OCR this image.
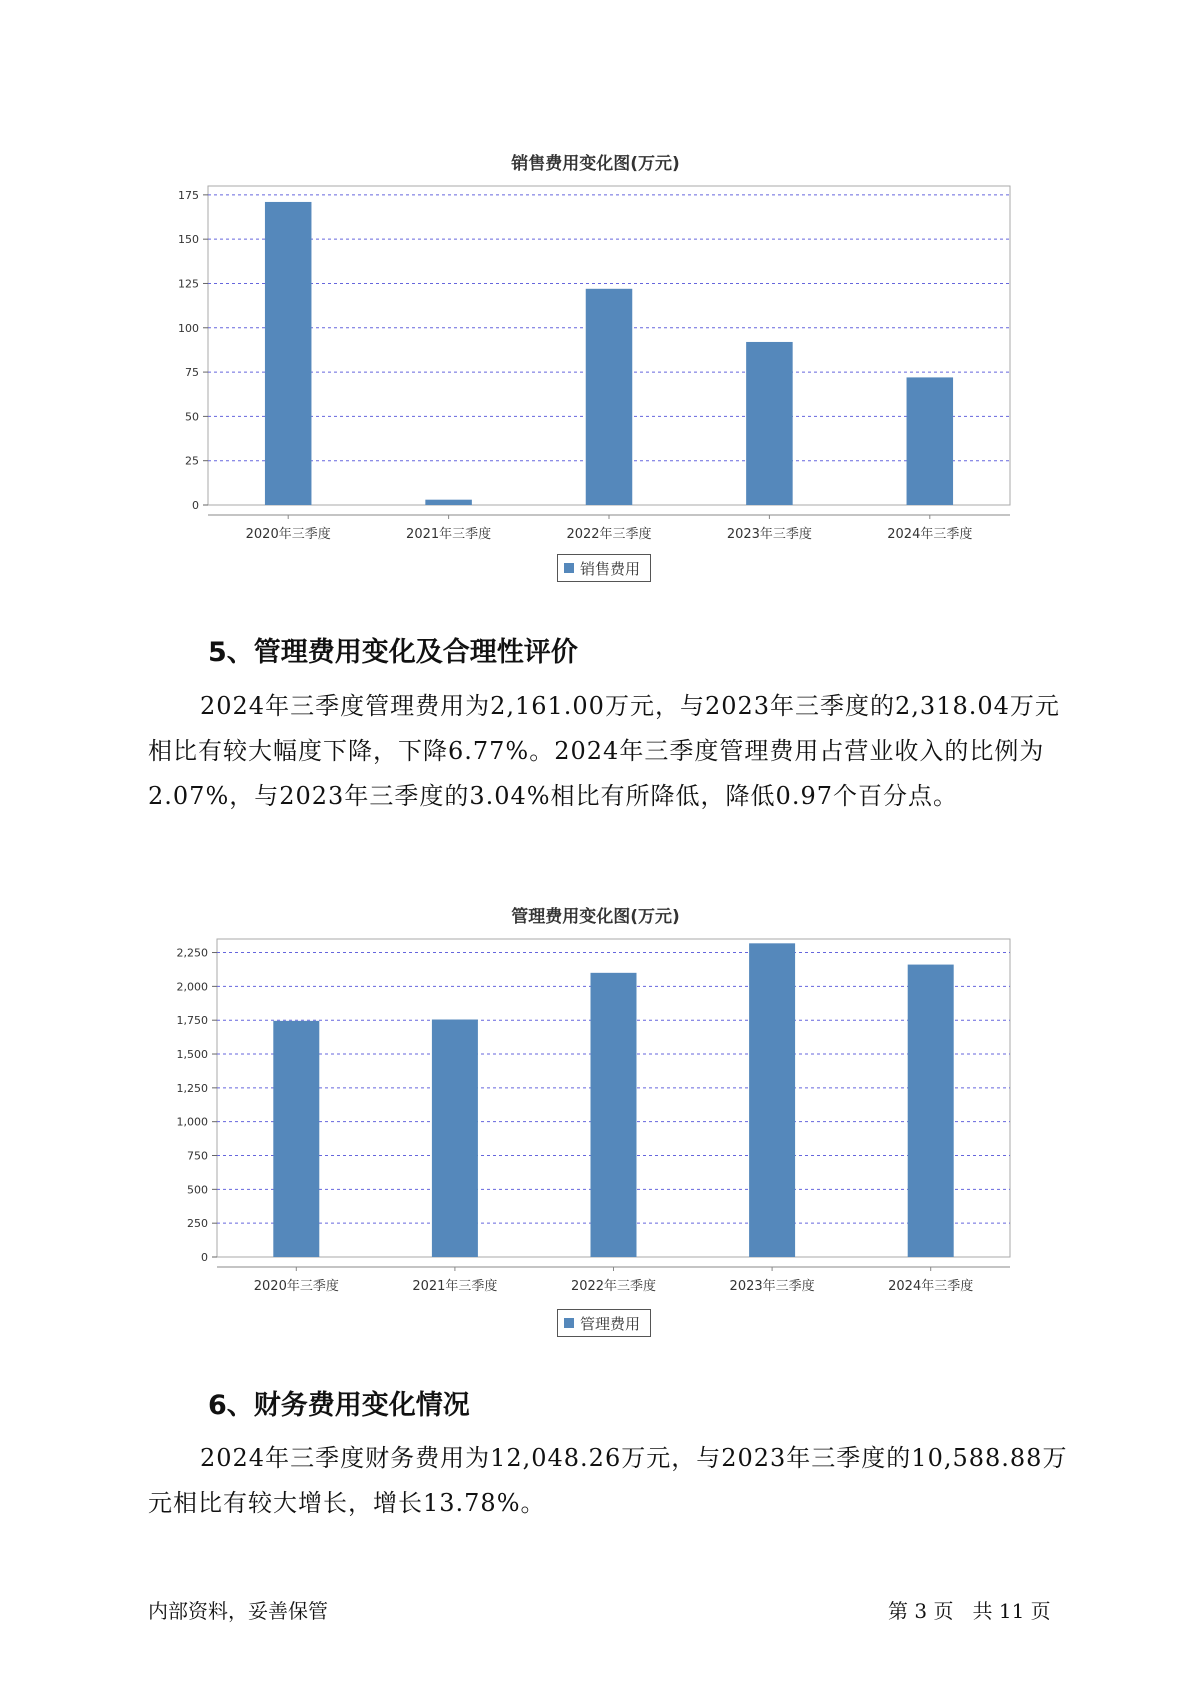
销售费用变化图(万元)
0
25
50
75
100
125
150
175
2020年三季度	2021年三季度	2022年三季度	2023年三季度	2024年三季度
销售费用
5、管理费用变化及合理性评价

2024年三季度管理费用为2,161.00万元，与2023年三季度的2,318.04万元相比有较大幅度下降，下降6.77%。2024年三季度管理费用占营业收入的比例为2.07%，与2023年三季度的3.04%相比有所降低，降低0.97个百分点。

管理费用变化图(万元)
0
250
500
750
1,000
1,250
1,500
1,750
2,000
2,250
2020年三季度	2021年三季度	2022年三季度	2023年三季度	2024年三季度
管理费用
6、财务费用变化情况

2024年三季度财务费用为12,048.26万元，与2023年三季度的10,588.88万元相比有较大增长，增长13.78%。

内部资料，妥善保管	第 3 页   共 11 页
